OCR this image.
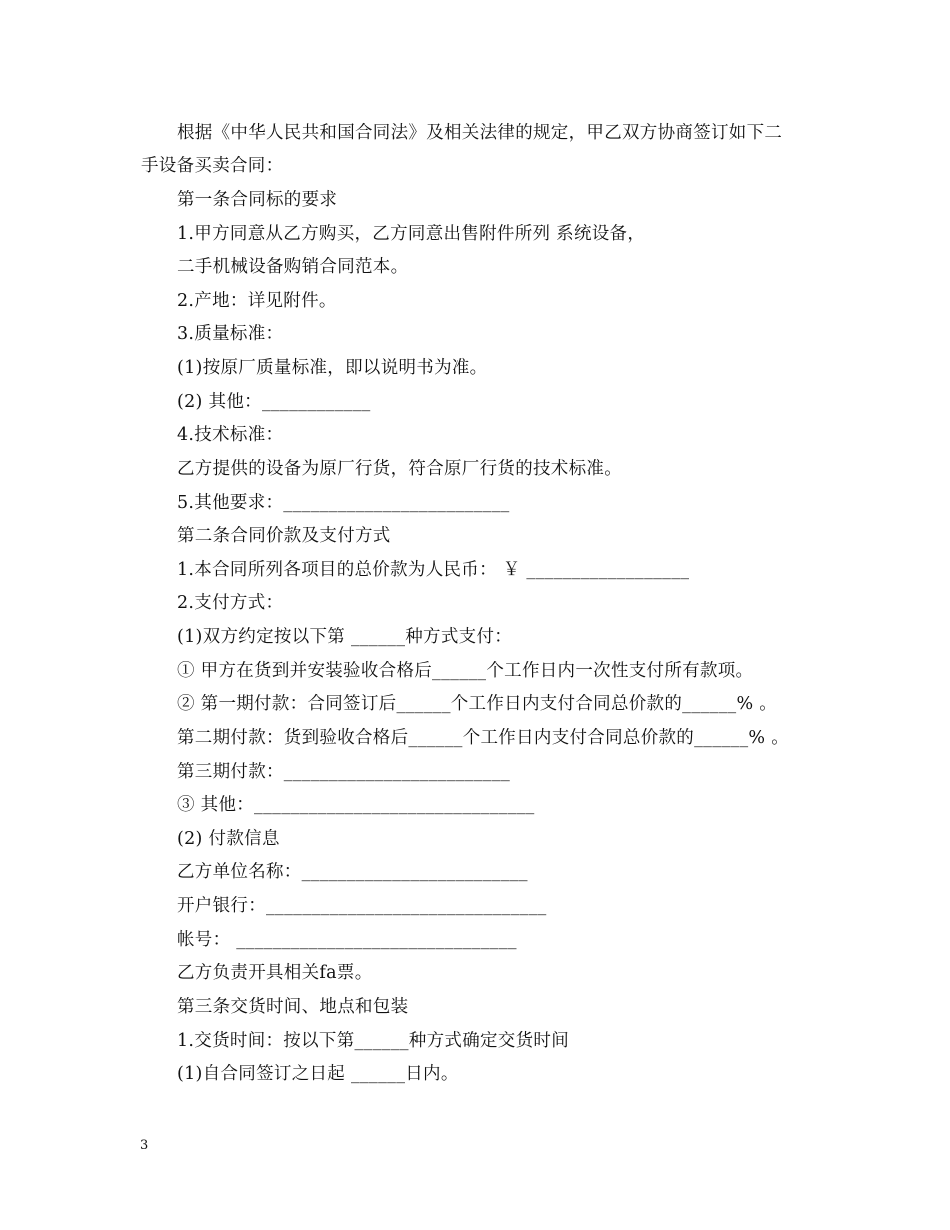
根据《中华人民共和国合同法》及相关法律的规定，甲乙双方协商签订如下二
手设备买卖合同：
第一条合同标的要求
1.甲方同意从乙方购买，乙方同意出售附件所列 系统设备，
二手机械设备购销合同范本。
2.产地：详见附件。
3.质量标准：
(1)按原厂质量标准，即以说明书为准。
(2) 其他：____________
4.技术标准：
乙方提供的设备为原厂行货，符合原厂行货的技术标准。
5.其他要求：_________________________
第二条合同价款及支付方式
1.本合同所列各项目的总价款为人民币： ￥ __________________
2.支付方式：
(1)双方约定按以下第 ______种方式支付：
① 甲方在货到并安装验收合格后______个工作日内一次性支付所有款项。
② 第一期付款：合同签订后______个工作日内支付合同总价款的______% 。
第二期付款：货到验收合格后______个工作日内支付合同总价款的______% 。
第三期付款：_________________________
③ 其他：_______________________________
(2) 付款信息
乙方单位名称：_________________________
开户银行：_______________________________
帐号： _______________________________
乙方负责开具相关fa票。
第三条交货时间、地点和包装
1.交货时间：按以下第______种方式确定交货时间
(1)自合同签订之日起 ______日内。
3
